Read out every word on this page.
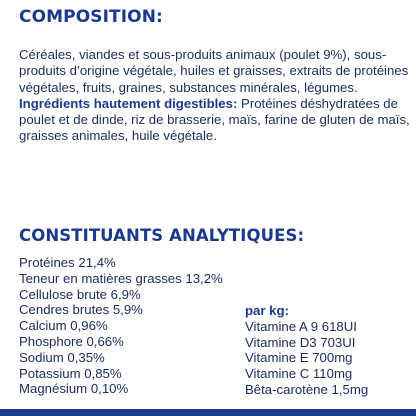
COMPOSITION:

Céréales, viandes et sous-produits animaux (poulet 9%), sous-produits d’origine végétale, huiles et graisses, extraits de protéines végétales, fruits, graines, substances minérales, légumes. Ingrédients hautement digestibles: Protéines déshydratées de poulet et de dinde, riz de brasserie, maïs, farine de gluten de maïs, graisses animales, huile végétale.

CONSTITUANTS ANALYTIQUES:
Protéines 21,4%
Teneur en matières grasses 13,2%
Cellulose brute 6,9%
Cendres brutes 5,9%
Calcium 0,96%
Phosphore 0,66%
Sodium 0,35%
Potassium 0,85%
Magnésium 0,10%
par kg:
Vitamine A 9 618UI
Vitamine D3 703UI
Vitamine E 700mg
Vitamine C 110mg
Bêta-carotène 1,5mg
